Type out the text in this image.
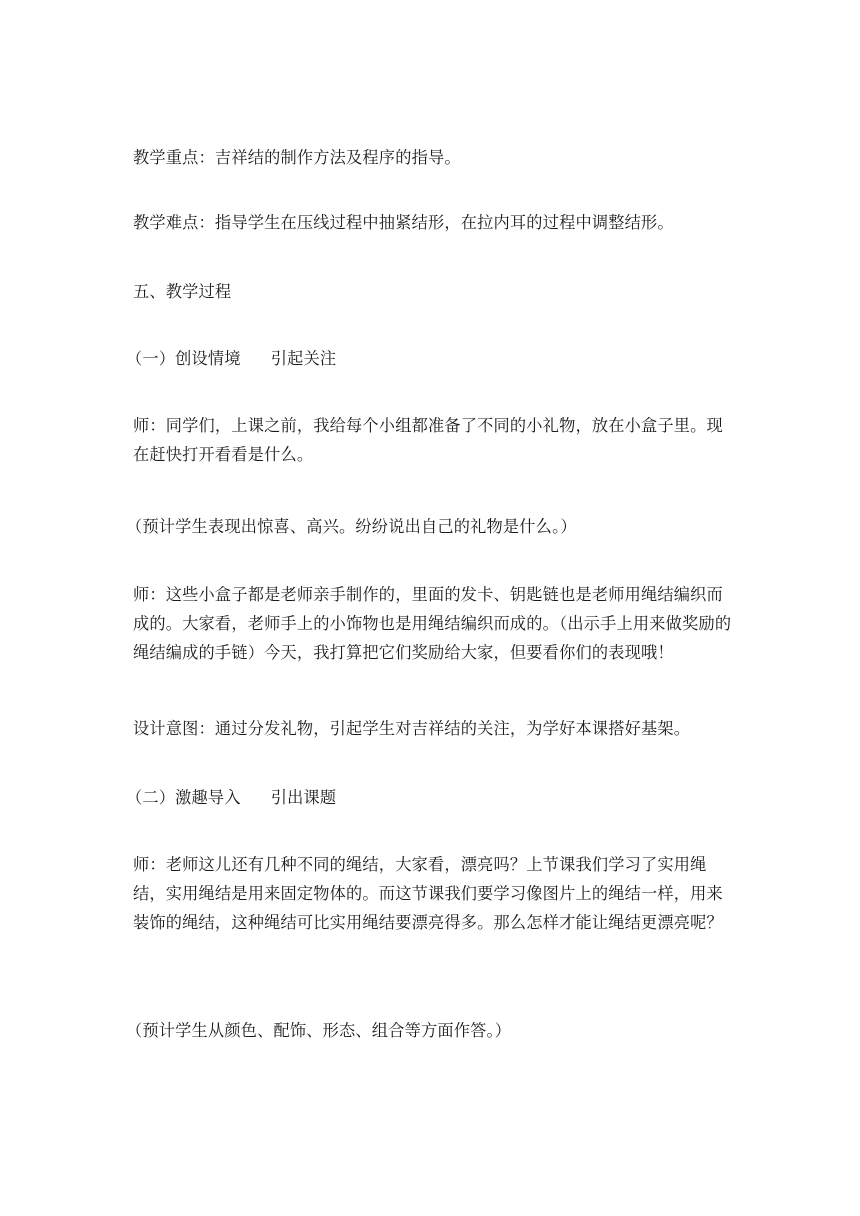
教学重点：吉祥结的制作方法及程序的指导。

教学难点：指导学生在压线过程中抽紧结形，在拉内耳的过程中调整结形。

五、教学过程

（一）创设情境 引起关注

师：同学们，上课之前，我给每个小组都准备了不同的小礼物，放在小盒子里。现在赶快打开看看是什么。

（预计学生表现出惊喜、高兴。纷纷说出自己的礼物是什么。）

师：这些小盒子都是老师亲手制作的，里面的发卡、钥匙链也是老师用绳结编织而成的。大家看，老师手上的小饰物也是用绳结编织而成的。（出示手上用来做奖励的绳结编成的手链）今天，我打算把它们奖励给大家，但要看你们的表现哦！

设计意图：通过分发礼物，引起学生对吉祥结的关注，为学好本课搭好基架。

（二）激趣导入 引出课题

师：老师这儿还有几种不同的绳结，大家看，漂亮吗？上节课我们学习了实用绳结，实用绳结是用来固定物体的。而这节课我们要学习像图片上的绳结一样，用来装饰的绳结，这种绳结可比实用绳结要漂亮得多。那么怎样才能让绳结更漂亮呢？

（预计学生从颜色、配饰、形态、组合等方面作答。）
